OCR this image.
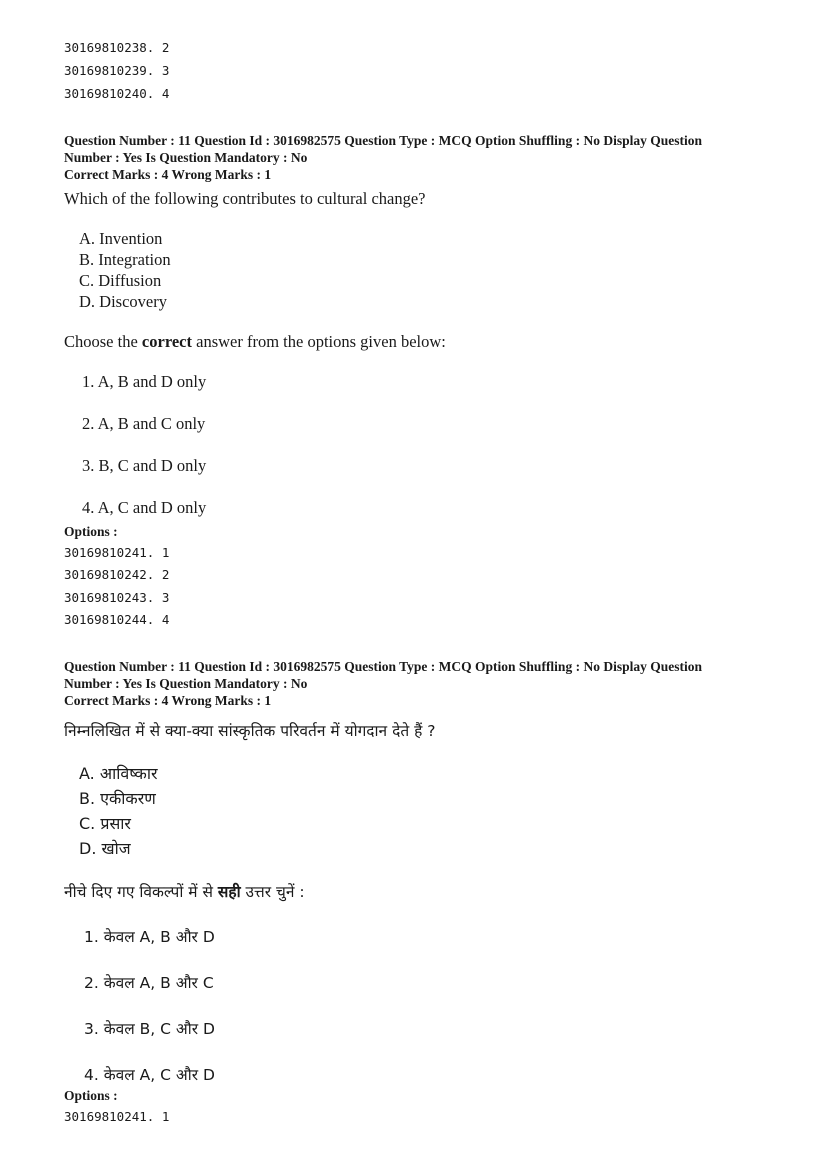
30169810238. 2
30169810239. 3
30169810240. 4
Question Number : 11 Question Id : 3016982575 Question Type : MCQ Option Shuffling : No Display Question
Number : Yes Is Question Mandatory : No
Correct Marks : 4 Wrong Marks : 1
Which of the following contributes to cultural change?
A. Invention
B. Integration
C. Diffusion
D. Discovery
Choose the correct answer from the options given below:
1. A, B and D only
2. A, B and C only
3. B, C and D only
4. A, C and D only
Options :
30169810241. 1
30169810242. 2
30169810243. 3
30169810244. 4
Question Number : 11 Question Id : 3016982575 Question Type : MCQ Option Shuffling : No Display Question
Number : Yes Is Question Mandatory : No
Correct Marks : 4 Wrong Marks : 1
निम्नलिखित में से क्या-क्या सांस्कृतिक परिवर्तन में योगदान देते हैं ?
A. आविष्कार
B. एकीकरण
C. प्रसार
D. खोज
नीचे दिए गए विकल्पों में से सही उत्तर चुनें :
1. केवल A, B और D
2. केवल A, B और C
3. केवल B, C और D
4. केवल A, C और D
Options :
30169810241. 1
